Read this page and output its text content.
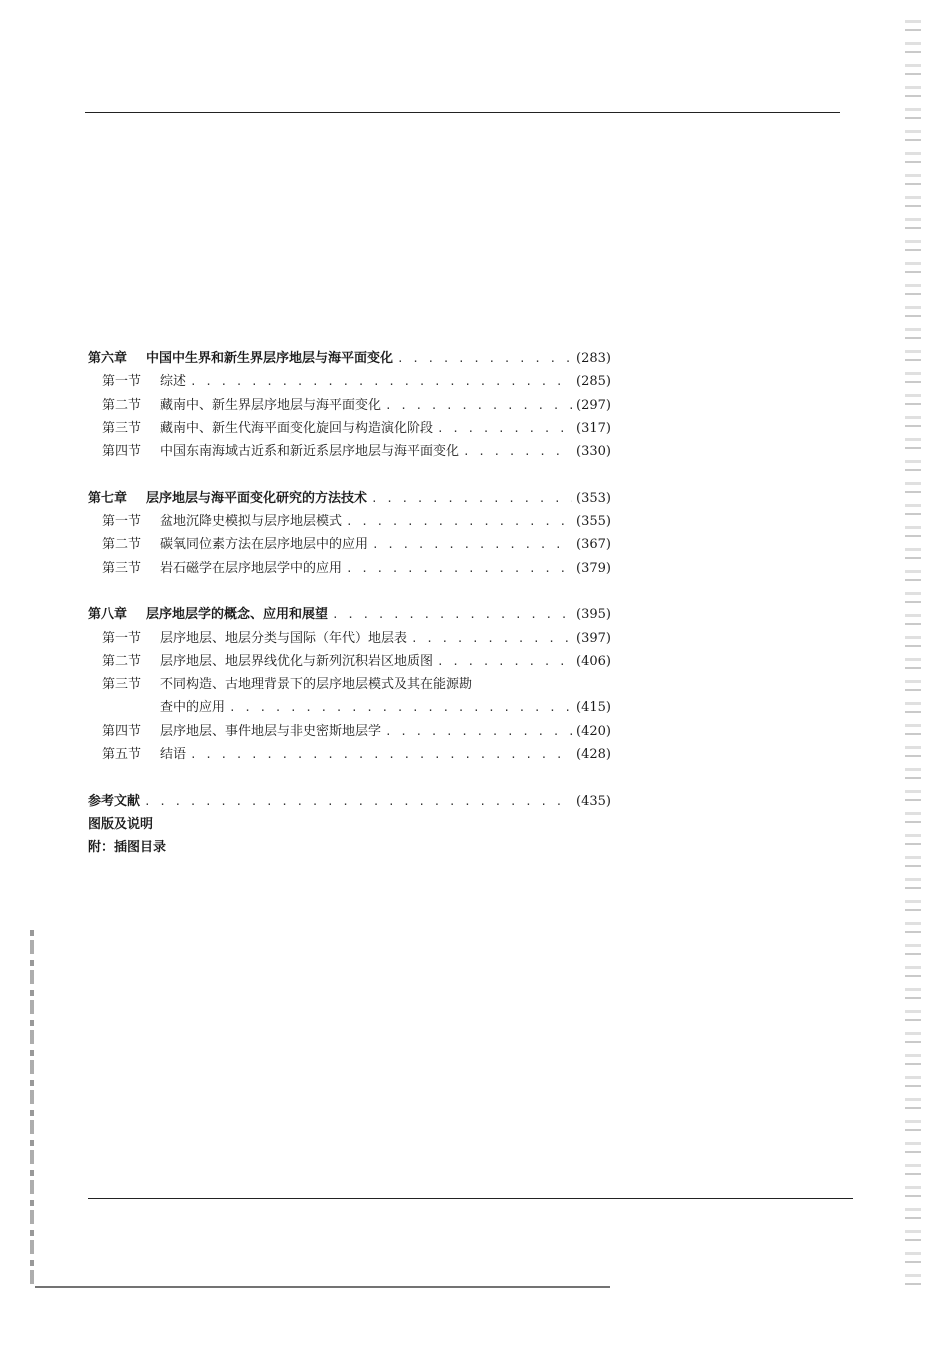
第六章	中国中生界和新生界层序地层与海平面变化 . . .	(283)
第一节	综述 . . .	(285)
第二节	藏南中、新生界层序地层与海平面变化 . . .	(297)
第三节	藏南中、新生代海平面变化旋回与构造演化阶段 . . .	(317)
第四节	中国东南海域古近系和新近系层序地层与海平面变化 . . .	(330)
第七章	层序地层与海平面变化研究的方法技术 . . .	(353)
第一节	盆地沉降史模拟与层序地层模式 . . .	(355)
第二节	碳氧同位素方法在层序地层中的应用 . . .	(367)
第三节	岩石磁学在层序地层学中的应用 . . .	(379)
第八章	层序地层学的概念、应用和展望 . . .	(395)
第一节	层序地层、地层分类与国际（年代）地层表 . . .	(397)
第二节	层序地层、地层界线优化与新列沉积岩区地质图 . . .	(406)
第三节	不同构造、古地理背景下的层序地层模式及其在能源勘
查中的应用 . . .	(415)
第四节	层序地层、事件地层与非史密斯地层学 . . .	(420)
第五节	结语 . . .	(428)
参考文献 . . .	(435)
图版及说明
附：插图目录
